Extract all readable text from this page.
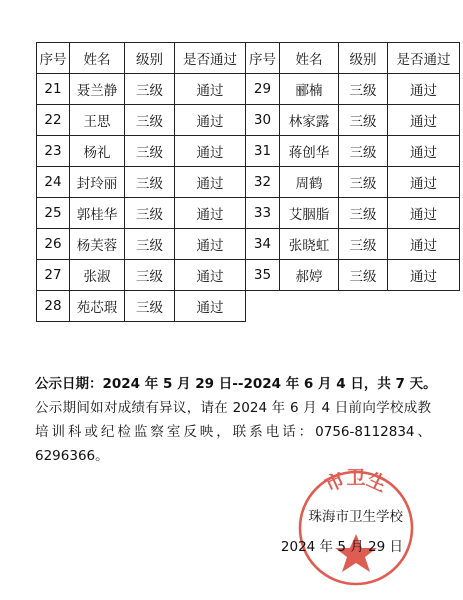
序号	姓名	级别	是否通过	序号	姓名	级别	是否通过
21	聂兰静	三级	通过	29	郦楠	三级	通过
22	王思	三级	通过	30	林家露	三级	通过
23	杨礼	三级	通过	31	蒋创华	三级	通过
24	封玲丽	三级	通过	32	周鹤	三级	通过
25	郭桂华	三级	通过	33	艾胭脂	三级	通过
26	杨芙蓉	三级	通过	34	张晓虹	三级	通过
27	张淑	三级	通过	35	郝婷	三级	通过
28	苑芯瑕	三级	通过				

公示日期：2024 年 5 月 29 日--2024 年 6 月 4 日，共 7 天。

公示期间如对成绩有异议，请在 2024 年 6 月 4 日前向学校成教培训科或纪检监察室反映，联系电话：0756-8112834、6296366。

市卫生
珠海市卫生学校
2024 年 5 月 29 日
